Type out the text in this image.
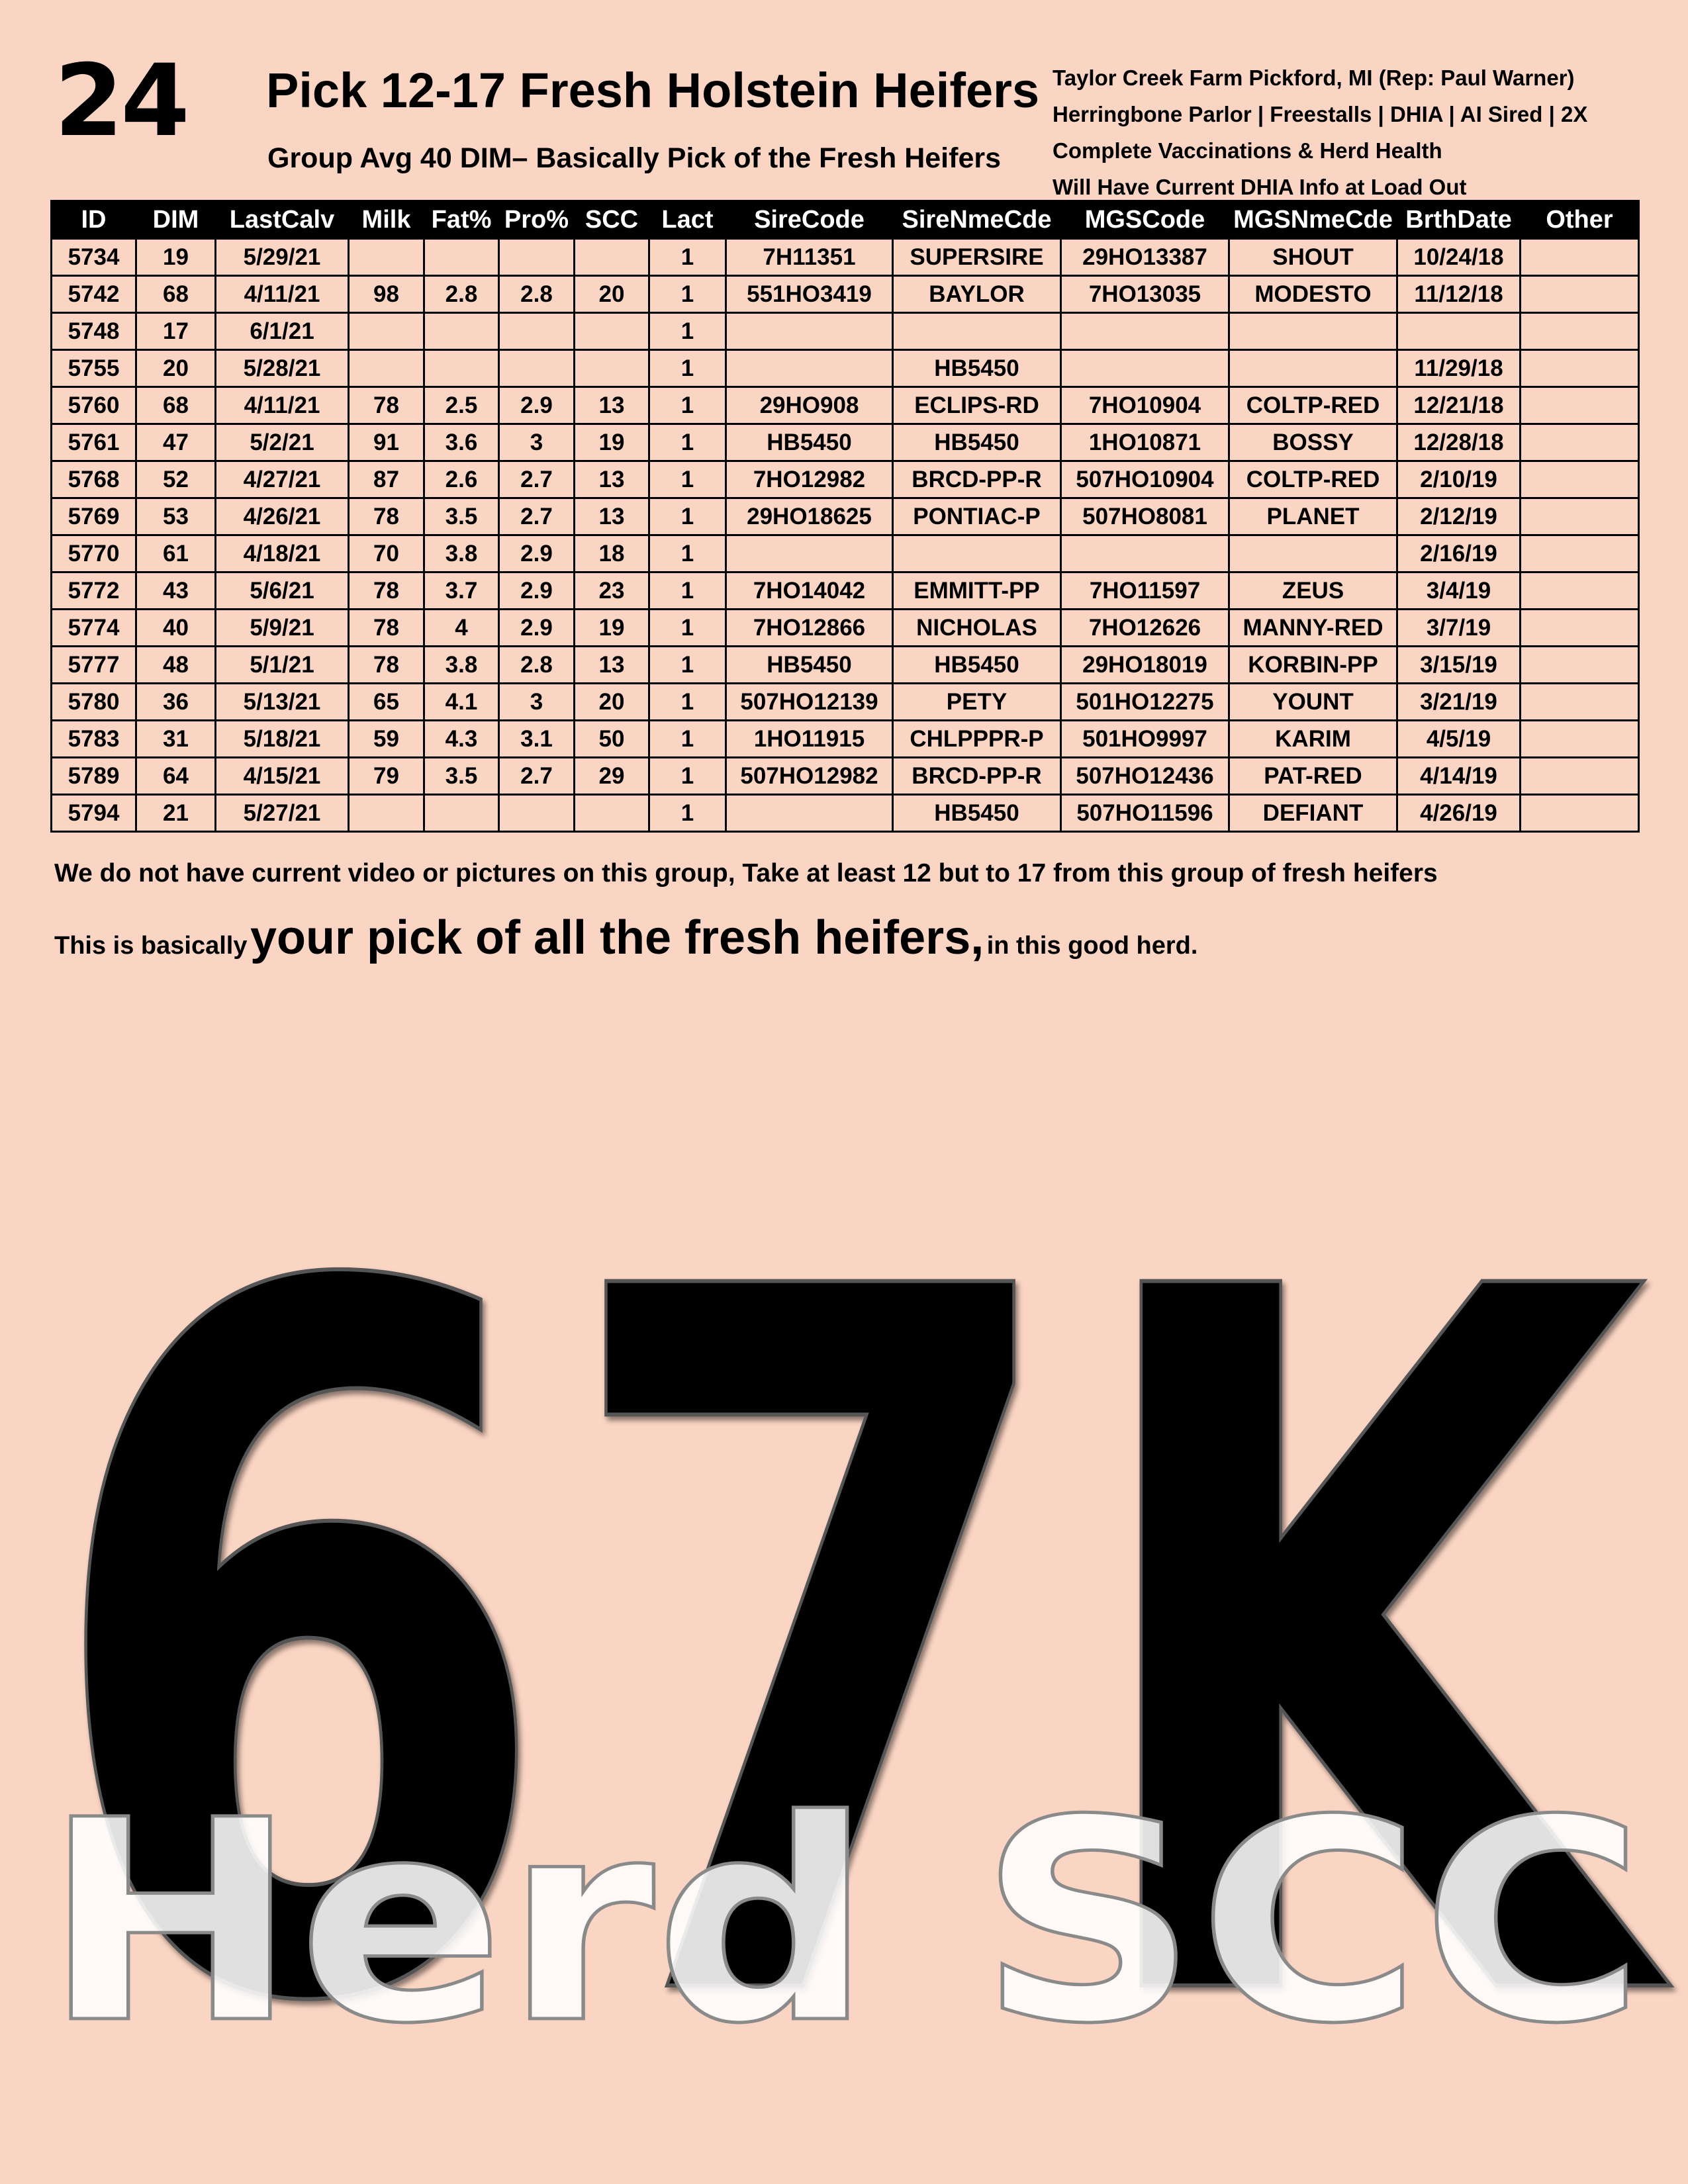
24 Pick 12-17 Fresh Holstein Heifers
Group Avg 40 DIM– Basically Pick of the Fresh Heifers
Taylor Creek Farm Pickford, MI (Rep: Paul Warner)
Herringbone Parlor | Freestalls | DHIA | AI Sired | 2X
Complete Vaccinations & Herd Health
Will Have Current DHIA Info at Load Out
ID	DIM	LastCalv	Milk	Fat%	Pro%	SCC	Lact	SireCode	SireNmeCde	MGSCode	MGSNmeCde	BrthDate	Other
5734	19	5/29/21					1	7H11351	SUPERSIRE	29HO13387	SHOUT	10/24/18	
5742	68	4/11/21	98	2.8	2.8	20	1	551HO3419	BAYLOR	7HO13035	MODESTO	11/12/18	
5748	17	6/1/21					1						
5755	20	5/28/21					1		HB5450			11/29/18	
5760	68	4/11/21	78	2.5	2.9	13	1	29HO908	ECLIPS-RD	7HO10904	COLTP-RED	12/21/18	
5761	47	5/2/21	91	3.6	3	19	1	HB5450	HB5450	1HO10871	BOSSY	12/28/18	
5768	52	4/27/21	87	2.6	2.7	13	1	7HO12982	BRCD-PP-R	507HO10904	COLTP-RED	2/10/19	
5769	53	4/26/21	78	3.5	2.7	13	1	29HO18625	PONTIAC-P	507HO8081	PLANET	2/12/19	
5770	61	4/18/21	70	3.8	2.9	18	1					2/16/19	
5772	43	5/6/21	78	3.7	2.9	23	1	7HO14042	EMMITT-PP	7HO11597	ZEUS	3/4/19	
5774	40	5/9/21	78	4	2.9	19	1	7HO12866	NICHOLAS	7HO12626	MANNY-RED	3/7/19	
5777	48	5/1/21	78	3.8	2.8	13	1	HB5450	HB5450	29HO18019	KORBIN-PP	3/15/19	
5780	36	5/13/21	65	4.1	3	20	1	507HO12139	PETY	501HO12275	YOUNT	3/21/19	
5783	31	5/18/21	59	4.3	3.1	50	1	1HO11915	CHLPPPR-P	501HO9997	KARIM	4/5/19	
5789	64	4/15/21	79	3.5	2.7	29	1	507HO12982	BRCD-PP-R	507HO12436	PAT-RED	4/14/19	
5794	21	5/27/21					1		HB5450	507HO11596	DEFIANT	4/26/19	
We do not have current video or pictures on this group, Take at least 12 but to 17 from this group of fresh heifers
This is basically your pick of all the fresh heifers, in this good herd.
67K
Herd SCC
